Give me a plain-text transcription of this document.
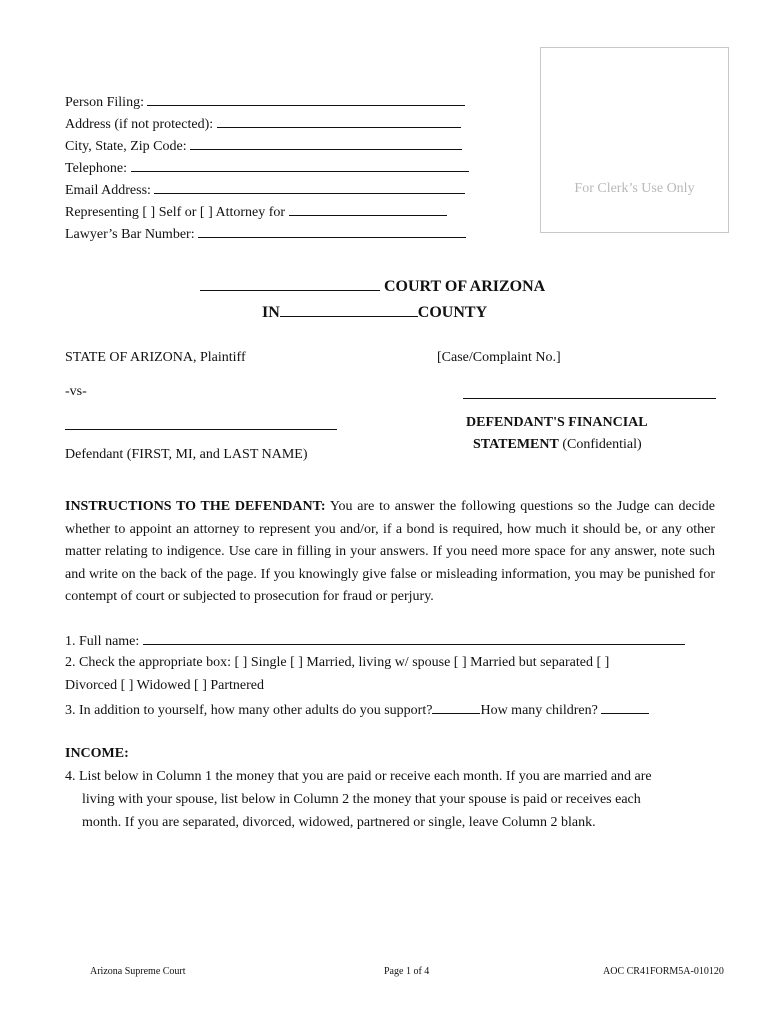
Person Filing:
Address (if not protected):
City, State, Zip Code:
Telephone:
Email Address:
Representing [ ] Self or [ ] Attorney for
Lawyer’s Bar Number:
For Clerk’s Use Only
COURT OF ARIZONA
IN	COUNTY
STATE OF ARIZONA, Plaintiff	[Case/Complaint No.]
-vs-
Defendant (FIRST, MI, and LAST NAME)
DEFENDANT'S FINANCIAL
STATEMENT (Confidential)
INSTRUCTIONS TO THE DEFENDANT: You are to answer the following questions so the Judge can decide whether to appoint an attorney to represent you and/or, if a bond is required, how much it should be, or any other matter relating to indigence. Use care in filling in your answers. If you need more space for any answer, note such and write on the back of the page. If you knowingly give false or misleading information, you may be punished for contempt of court or subjected to prosecution for fraud or perjury.
1. Full name:
2. Check the appropriate box: [ ] Single [ ] Married, living w/ spouse [ ] Married but separated [ ]
Divorced [ ] Widowed [ ] Partnered
3. In addition to yourself, how many other adults do you support?	How many children?
INCOME:
4. List below in Column 1 the money that you are paid or receive each month. If you are married and are
living with your spouse, list below in Column 2 the money that your spouse is paid or receives each
month. If you are separated, divorced, widowed, partnered or single, leave Column 2 blank.
Arizona Supreme Court	Page 1 of 4	AOC CR41FORM5A-010120
